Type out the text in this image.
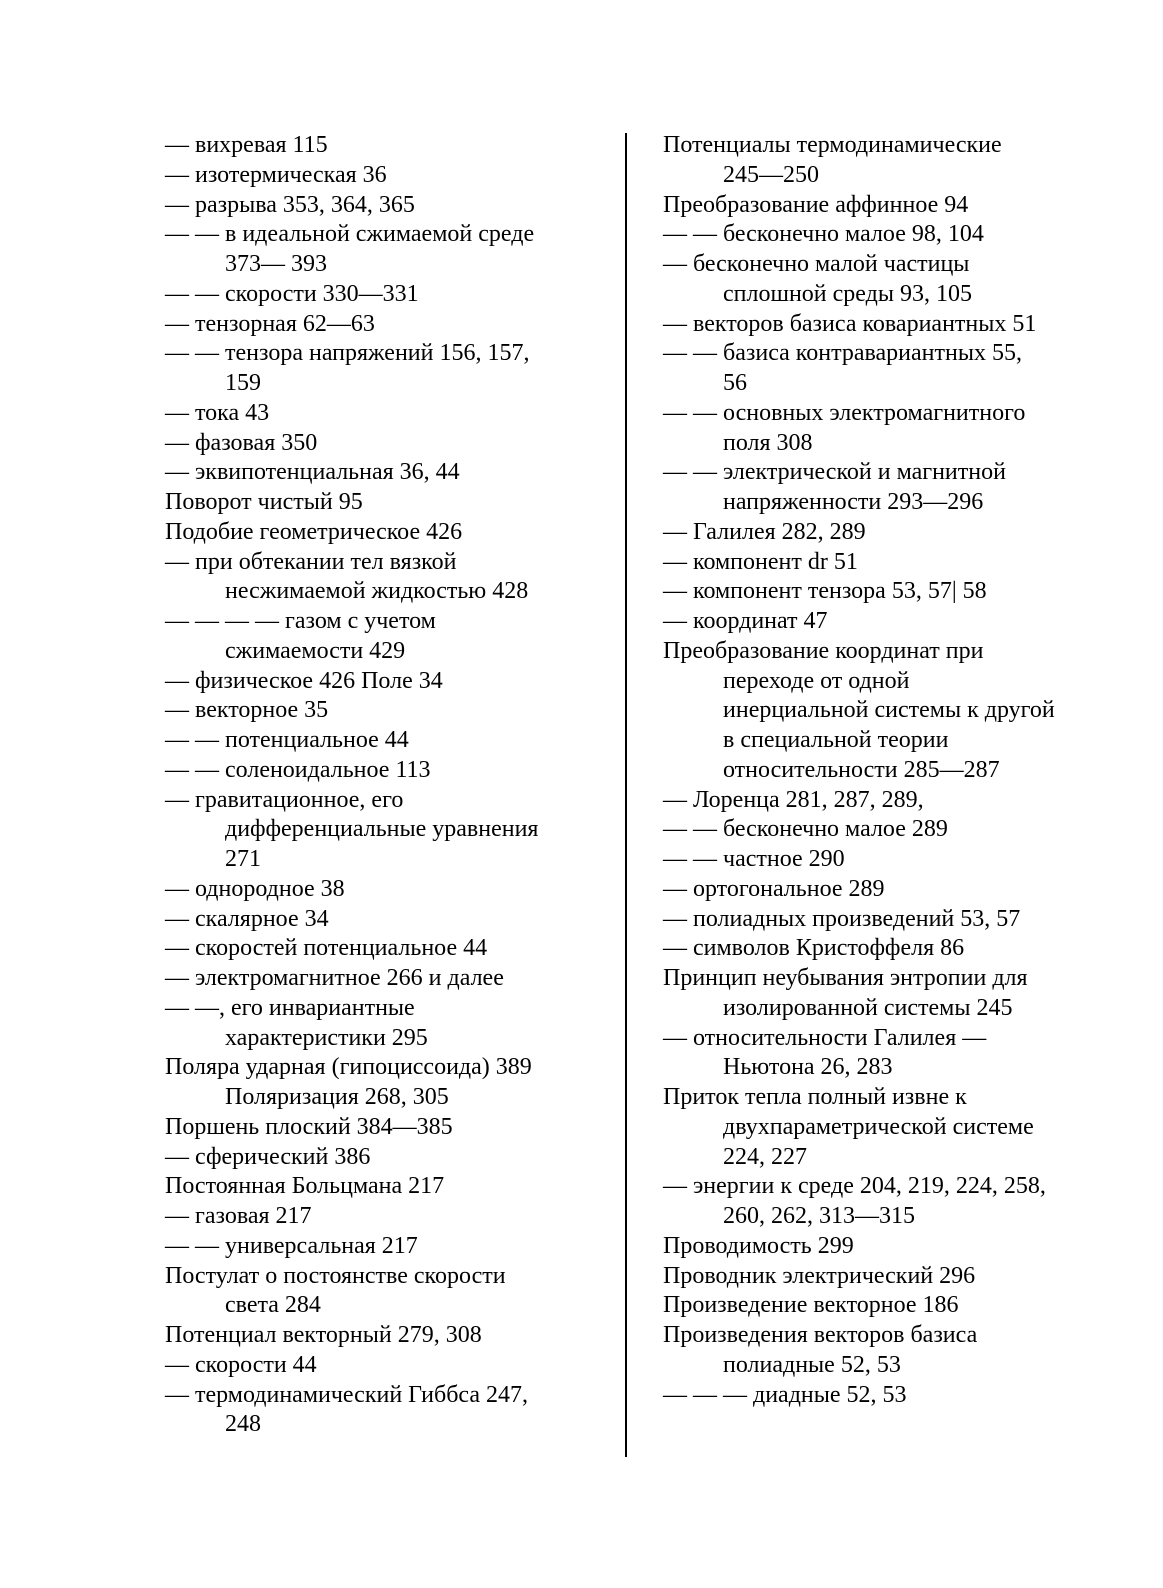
— вихревая 115
— изотермическая 36
— разрыва 353, 364, 365
— — в идеальной сжимаемой среде
373— 393
— — скорости 330—331
— тензорная 62—63
— — тензора напряжений 156, 157,
159
— тока 43
— фазовая 350
— эквипотенциальная 36, 44
Поворот чистый 95
Подобие геометрическое 426
— при обтекании тел вязкой
несжимаемой жидкостью 428
— — — — газом с учетом
сжимаемости 429
— физическое 426 Поле 34
— векторное 35
— — потенциальное 44
— — соленоидальное 113
— гравитационное, его
дифференциальные уравнения
271
— однородное 38
— скалярное 34
— скоростей потенциальное 44
— электромагнитное 266 и далее
— —, его инвариантные
характеристики 295
Поляра ударная (гипоциссоида) 389
Поляризация 268, 305
Поршень плоский 384—385
— сферический 386
Постоянная Больцмана 217
— газовая 217
— — универсальная 217
Постулат о постоянстве скорости
света 284
Потенциал векторный 279, 308
— скорости 44
— термодинамический Гиббса 247,
248
Потенциалы термодинамические
245—250
Преобразование аффинное 94
— — бесконечно малое 98, 104
— бесконечно малой частицы
сплошной среды 93, 105
— векторов базиса ковариантных 51
— — базиса контравариантных 55,
56
— — основных электромагнитного
поля 308
— — электрической и магнитной
напряженности 293—296
— Галилея 282, 289
— компонент dr 51
— компонент тензора 53, 57| 58
— координат 47
Преобразование координат при
переходе от одной
инерциальной системы к другой
в специальной теории
относительности 285—287
— Лоренца 281, 287, 289,
— — бесконечно малое 289
— — частное 290
— ортогональное 289
— полиадных произведений 53, 57
— символов Кристоффеля 86
Принцип неубывания энтропии для
изолированной системы 245
— относительности Галилея —
Ньютона 26, 283
Приток тепла полный извне к
двухпараметрической системе
224, 227
— энергии к среде 204, 219, 224, 258,
260, 262, 313—315
Проводимость 299
Проводник электрический 296
Произведение векторное 186
Произведения векторов базиса
полиадные 52, 53
— — — диадные 52, 53
